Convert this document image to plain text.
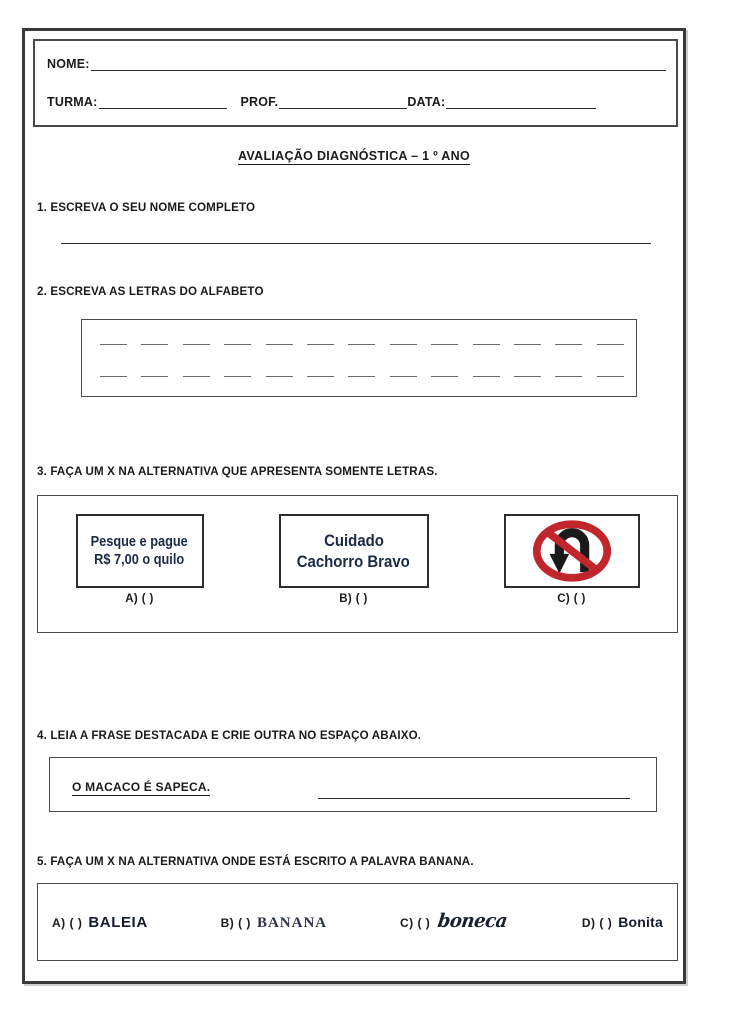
NOME:
TURMA:	PROF.	DATA:
AVALIAÇÃO DIAGNÓSTICA – 1 º ANO
1. ESCREVA O SEU NOME COMPLETO
2. ESCREVA AS LETRAS DO ALFABETO
3. FAÇA UM X NA ALTERNATIVA QUE APRESENTA SOMENTE LETRAS.
Pesque e pague
R$ 7,00 o quilo
A) ( )
Cuidado
Cachorro Bravo
B) ( )	C) ( )
4. LEIA A FRASE DESTACADA E CRIE OUTRA NO ESPAÇO ABAIXO.
O MACACO É SAPECA.
5. FAÇA UM X NA ALTERNATIVA ONDE ESTÁ ESCRITO A PALAVRA BANANA.
A) ( ) BALEIA	B) ( ) BANANA	C) ( ) boneca	D) ( ) Bonita
